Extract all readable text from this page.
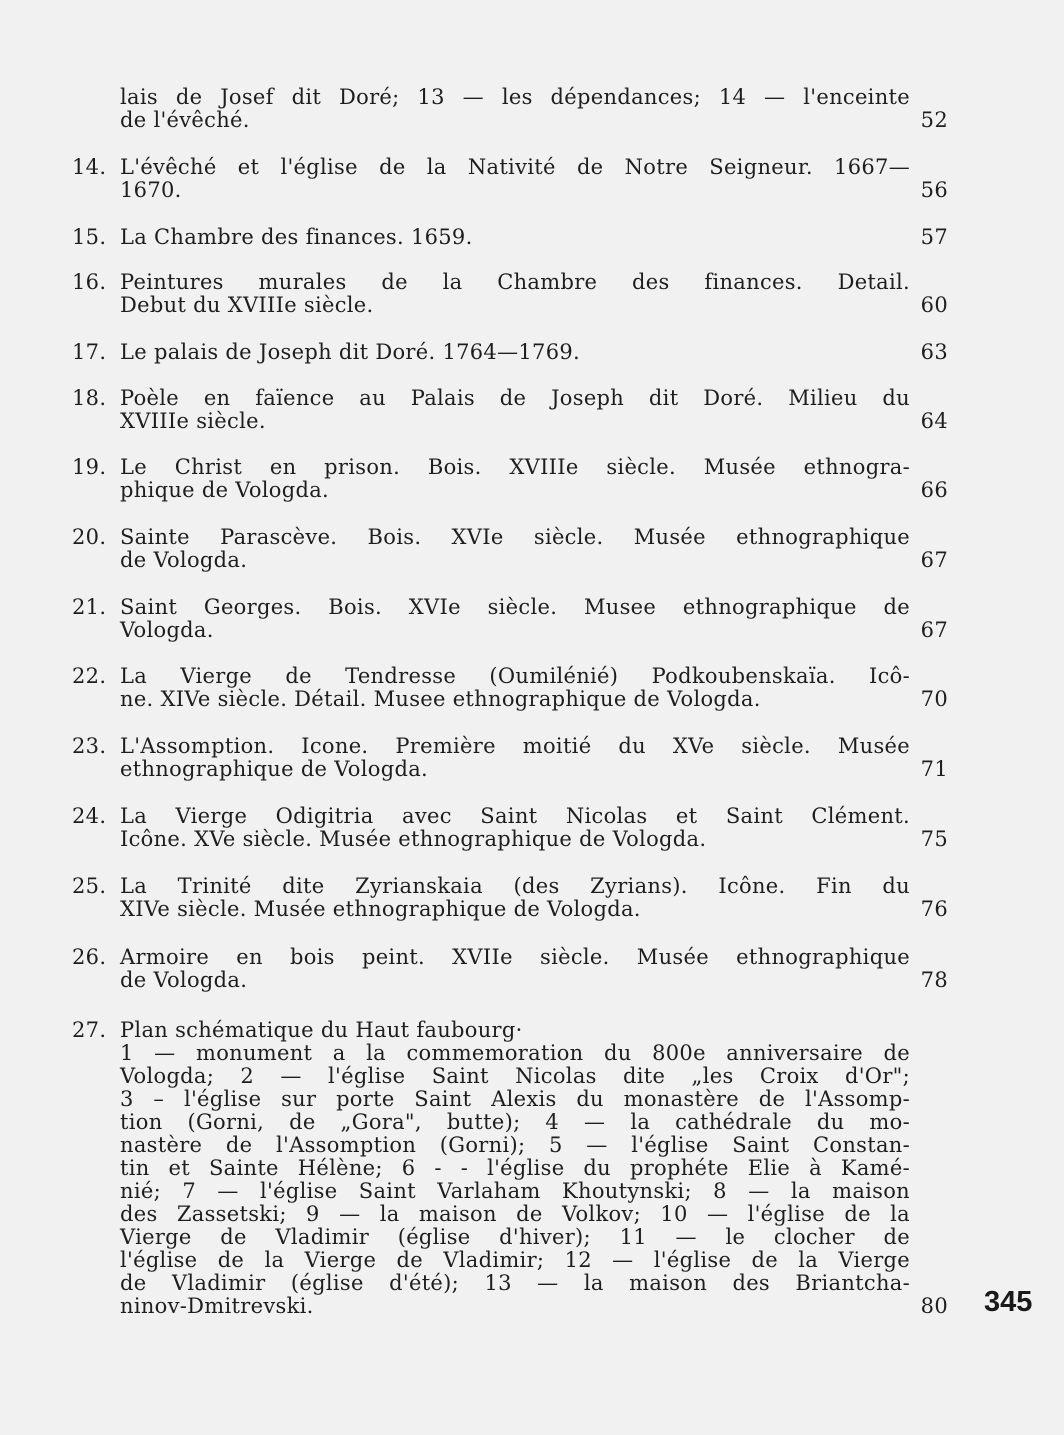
lais de Josef dit Doré; 13 — les dépendances; 14 — l'enceinte
de l'évêché.	52
14. L'évêché et l'église de la Nativité de Notre Seigneur. 1667—
1670.	56
15. La Chambre des finances. 1659.	57
16. Peintures murales de la Chambre des finances. Detail.
Debut du XVIIIe siècle.	60
17. Le palais de Joseph dit Doré. 1764—1769.	63
18. Poèle en faïence au Palais de Joseph dit Doré. Milieu du
XVIIIe siècle.	64
19. Le Christ en prison. Bois. XVIIIe siècle. Musée ethnogra-
phique de Vologda.	66
20. Sainte Parascève. Bois. XVIe siècle. Musée ethnographique
de Vologda.	67
21. Saint Georges. Bois. XVIe siècle. Musee ethnographique de
Vologda.	67
22. La Vierge de Tendresse (Oumilénié) Podkoubenskaïa. Icô-
ne. XIVe siècle. Détail. Musee ethnographique de Vologda.	70
23. L'Assomption. Icone. Première moitié du XVe siècle. Musée
ethnographique de Vologda.	71
24. La Vierge Odigitria avec Saint Nicolas et Saint Clément.
Icône. XVe siècle. Musée ethnographique de Vologda.	75
25. La Trinité dite Zyrianskaia (des Zyrians). Icône. Fin du
XIVe siècle. Musée ethnographique de Vologda.	76
26. Armoire en bois peint. XVIIe siècle. Musée ethnographique
de Vologda.	78
27. Plan schématique du Haut faubourg·
1 — monument a la commemoration du 800e anniversaire de
Vologda; 2 — l'église Saint Nicolas dite „les Croix d'Or";
3 – l'église sur porte Saint Alexis du monastère de l'Assomp-
tion (Gorni, de „Gora", butte); 4 — la cathédrale du mo-
nastère de l'Assomption (Gorni); 5 — l'église Saint Constan-
tin et Sainte Hélène; 6 - - l'église du prophéte Elie à Kamé-
nié; 7 — l'église Saint Varlaham Khoutynski; 8 — la maison
des Zassetski; 9 — la maison de Volkov; 10 — l'église de la
Vierge de Vladimir (église d'hiver); 11 — le clocher de
l'église de la Vierge de Vladimir; 12 — l'église de la Vierge
de Vladimir (église d'été); 13 — la maison des Briantcha-
ninov-Dmitrevski.	80 345
